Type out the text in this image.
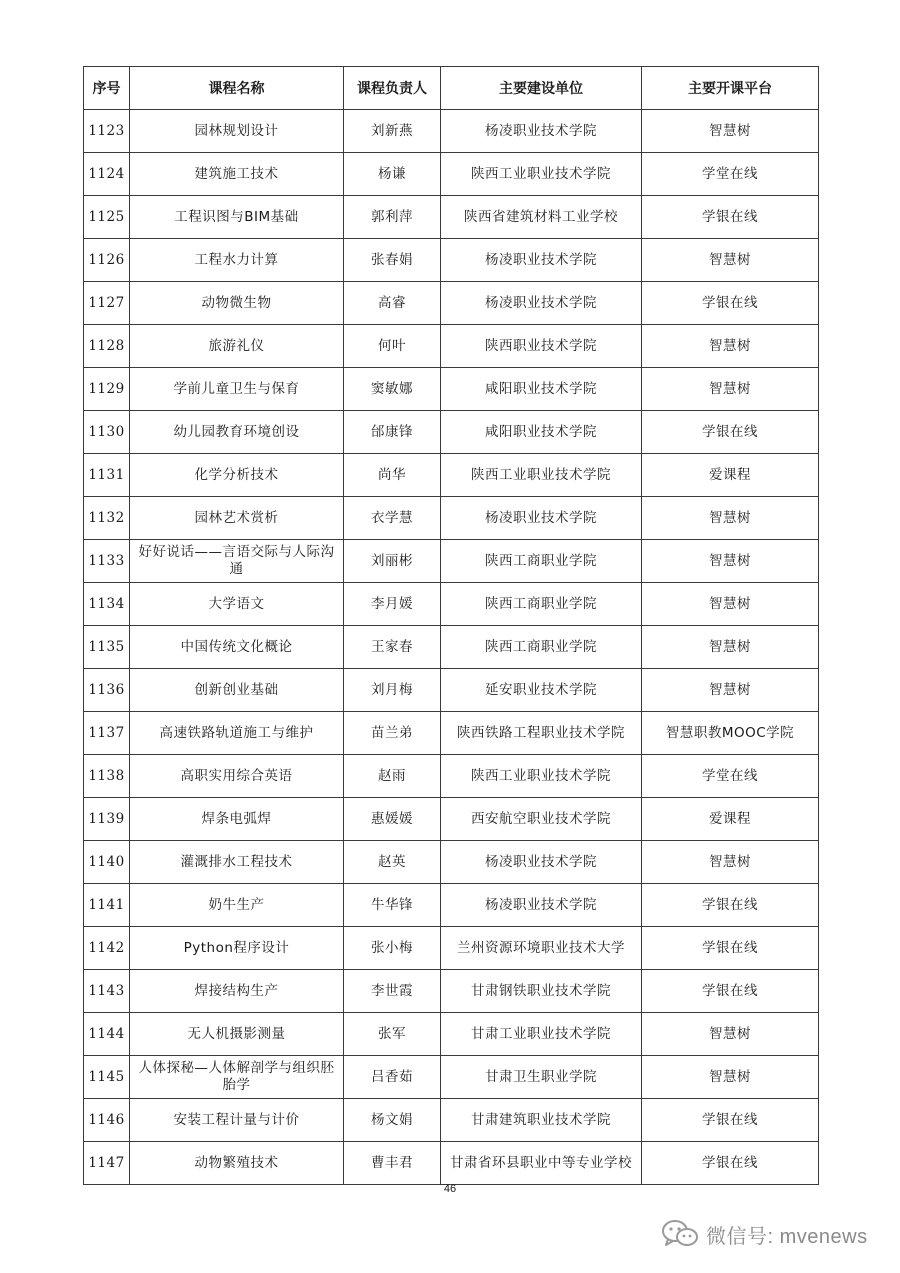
序号	课程名称	课程负责人	主要建设单位	主要开课平台
1123	园林规划设计	刘新燕	杨凌职业技术学院	智慧树
1124	建筑施工技术	杨谦	陕西工业职业技术学院	学堂在线
1125	工程识图与BIM基础	郭利萍	陕西省建筑材料工业学校	学银在线
1126	工程水力计算	张春娟	杨凌职业技术学院	智慧树
1127	动物微生物	高睿	杨凌职业技术学院	学银在线
1128	旅游礼仪	何叶	陕西职业技术学院	智慧树
1129	学前儿童卫生与保育	窦敏娜	咸阳职业技术学院	智慧树
1130	幼儿园教育环境创设	邰康锋	咸阳职业技术学院	学银在线
1131	化学分析技术	尚华	陕西工业职业技术学院	爱课程
1132	园林艺术赏析	衣学慧	杨凌职业技术学院	智慧树
1133	好好说话——言语交际与人际沟通	刘丽彬	陕西工商职业学院	智慧树
1134	大学语文	李月媛	陕西工商职业学院	智慧树
1135	中国传统文化概论	王家春	陕西工商职业学院	智慧树
1136	创新创业基础	刘月梅	延安职业技术学院	智慧树
1137	高速铁路轨道施工与维护	苗兰弟	陕西铁路工程职业技术学院	智慧职教MOOC学院
1138	高职实用综合英语	赵雨	陕西工业职业技术学院	学堂在线
1139	焊条电弧焊	惠媛媛	西安航空职业技术学院	爱课程
1140	灌溉排水工程技术	赵英	杨凌职业技术学院	智慧树
1141	奶牛生产	牛华锋	杨凌职业技术学院	学银在线
1142	Python程序设计	张小梅	兰州资源环境职业技术大学	学银在线
1143	焊接结构生产	李世霞	甘肃钢铁职业技术学院	学银在线
1144	无人机摄影测量	张军	甘肃工业职业技术学院	智慧树
1145	人体探秘—人体解剖学与组织胚胎学	吕香茹	甘肃卫生职业学院	智慧树
1146	安装工程计量与计价	杨文娟	甘肃建筑职业技术学院	学银在线
1147	动物繁殖技术	曹丰君	甘肃省环县职业中等专业学校	学银在线
46
微信号: mvenews
